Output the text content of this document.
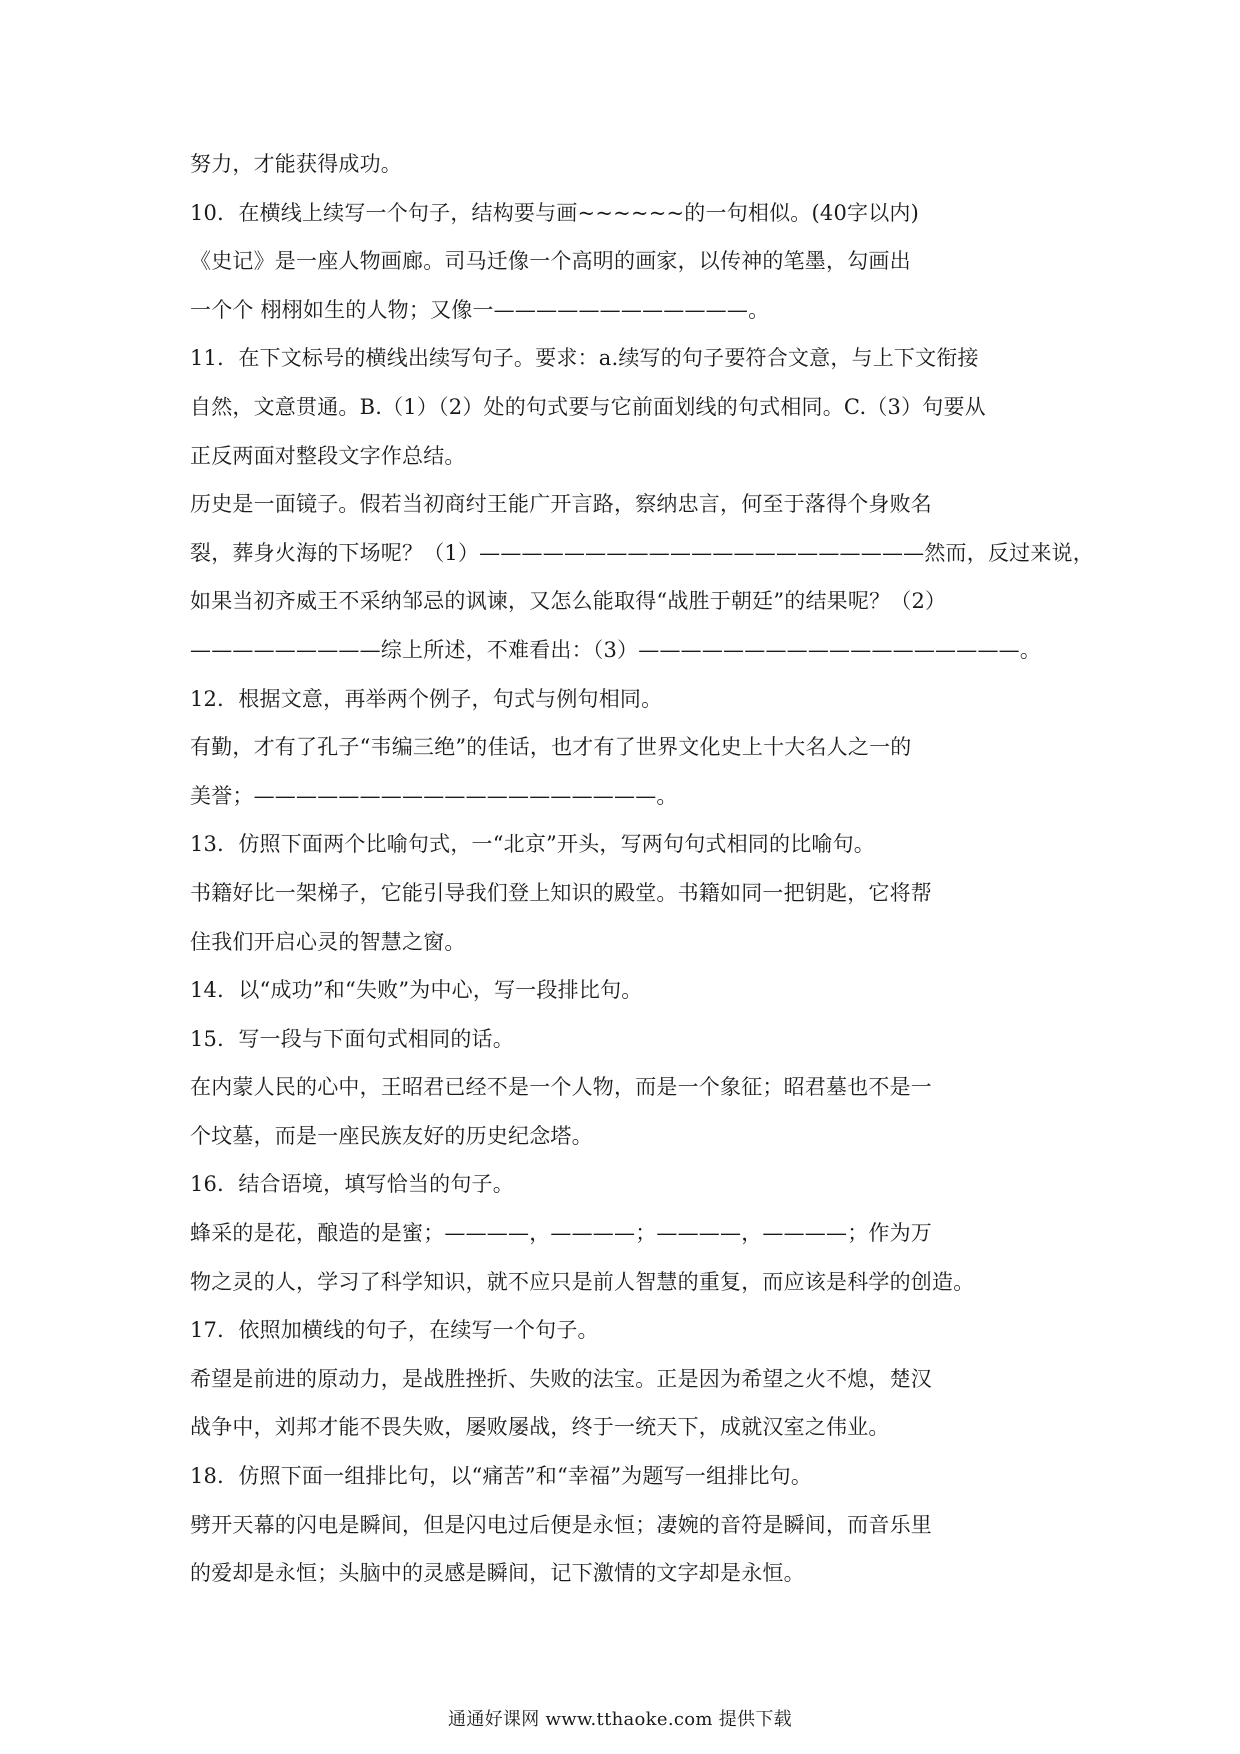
努力，才能获得成功。
10．在横线上续写一个句子，结构要与画~~~~~~的一句相似。(40字以内)
《史记》是一座人物画廊。司马迁像一个高明的画家，以传神的笔墨，勾画出
一个个 栩栩如生的人物；又像一————————————。
11．在下文标号的横线出续写句子。要求：a.续写的句子要符合文意，与上下文衔接
自然，文意贯通。B.（1）（2）处的句式要与它前面划线的句式相同。C.（3）句要从
正反两面对整段文字作总结。
历史是一面镜子。假若当初商纣王能广开言路，察纳忠言，何至于落得个身败名
裂，葬身火海的下场呢？（1）—————————————————————然而，反过来说，
如果当初齐威王不采纳邹忌的讽谏，又怎么能取得“战胜于朝廷”的结果呢？（2）
—————————综上所述，不难看出：（3）——————————————————。
12．根据文意，再举两个例子，句式与例句相同。
有勤，才有了孔子“韦编三绝”的佳话，也才有了世界文化史上十大名人之一的
美誉；———————————————————。
13．仿照下面两个比喻句式，一“北京”开头，写两句句式相同的比喻句。
书籍好比一架梯子，它能引导我们登上知识的殿堂。书籍如同一把钥匙，它将帮
住我们开启心灵的智慧之窗。
14．以“成功”和“失败”为中心，写一段排比句。
15．写一段与下面句式相同的话。
在内蒙人民的心中，王昭君已经不是一个人物，而是一个象征；昭君墓也不是一
个坟墓，而是一座民族友好的历史纪念塔。
16．结合语境，填写恰当的句子。
蜂采的是花，酿造的是蜜；————，————；————，————；作为万
物之灵的人，学习了科学知识，就不应只是前人智慧的重复，而应该是科学的创造。
17．依照加横线的句子，在续写一个句子。
希望是前进的原动力，是战胜挫折、失败的法宝。正是因为希望之火不熄，楚汉
战争中，刘邦才能不畏失败，屡败屡战，终于一统天下，成就汉室之伟业。
18．仿照下面一组排比句，以“痛苦”和“幸福”为题写一组排比句。
劈开天幕的闪电是瞬间，但是闪电过后便是永恒；凄婉的音符是瞬间，而音乐里
的爱却是永恒；头脑中的灵感是瞬间，记下激情的文字却是永恒。
通通好课网 www.tthaoke.com 提供下载
